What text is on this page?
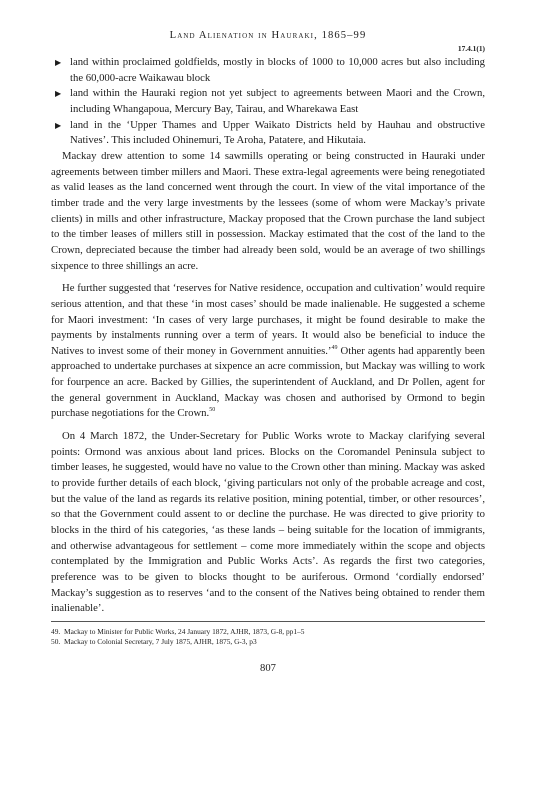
Land Alienation in Hauraki, 1865–99
17.4.1(1)
▶ land within proclaimed goldfields, mostly in blocks of 1000 to 10,000 acres but also including the 60,000-acre Waikawau block
▶ land within the Hauraki region not yet subject to agreements between Maori and the Crown, including Whangapoua, Mercury Bay, Tairau, and Wharekawa East
▶ land in the ‘Upper Thames and Upper Waikato Districts held by Hauhau and obstructive Natives’. This included Ohinemuri, Te Aroha, Patatere, and Hikutaia.

Mackay drew attention to some 14 sawmills operating or being constructed in Hauraki under agreements between timber millers and Maori. These extra-legal agreements were being renegotiated as valid leases as the land concerned went through the court. In view of the vital importance of the timber trade and the very large investments by the lessees (some of whom were Mackay’s private clients) in mills and other infrastructure, Mackay proposed that the Crown purchase the land subject to the timber leases of millers still in possession. Mackay estimated that the cost of the land to the Crown, depreciated because the timber had already been sold, would be an average of two shillings sixpence to three shillings an acre.

He further suggested that ‘reserves for Native residence, occupation and cultivation’ would require serious attention, and that these ‘in most cases’ should be made inalienable. He suggested a scheme for Maori investment: ‘In cases of very large purchases, it might be found desirable to make the payments by instalments running over a term of years. It would also be beneficial to induce the Natives to invest some of their money in Government annuities.’$^{49}$ Other agents had apparently been approached to undertake purchases at sixpence an acre commission, but Mackay was willing to work for fourpence an acre. Backed by Gillies, the superintendent of Auckland, and Dr Pollen, agent for the general government in Auckland, Mackay was chosen and authorised by Ormond to begin purchase negotiations for the Crown.$^{50}$

On 4 March 1872, the Under-Secretary for Public Works wrote to Mackay clarifying several points: Ormond was anxious about land prices. Blocks on the Coromandel Peninsula subject to timber leases, he suggested, would have no value to the Crown other than mining. Mackay was asked to provide further details of each block, ‘giving particulars not only of the probable acreage and cost, but the value of the land as regards its relative position, mining potential, timber, or other resources’, so that the Government could assent to or decline the purchase. He was directed to give priority to blocks in the third of his categories, ‘as these lands – being suitable for the location of immigrants, and otherwise advantageous for settlement – come more immediately within the scope and objects contemplated by the Immigration and Public Works Acts’. As regards the first two categories, preference was to be given to blocks thought to be auriferous. Ormond ‘cordially endorsed’ Mackay’s suggestion as to reserves ‘and to the consent of the Natives being obtained to render them inalienable’.

49. Mackay to Minister for Public Works, 24 January 1872, AJHR, 1873, G-8, pp1–5
50. Mackay to Colonial Secretary, 7 July 1875, AJHR, 1875, G-3, p3
807
